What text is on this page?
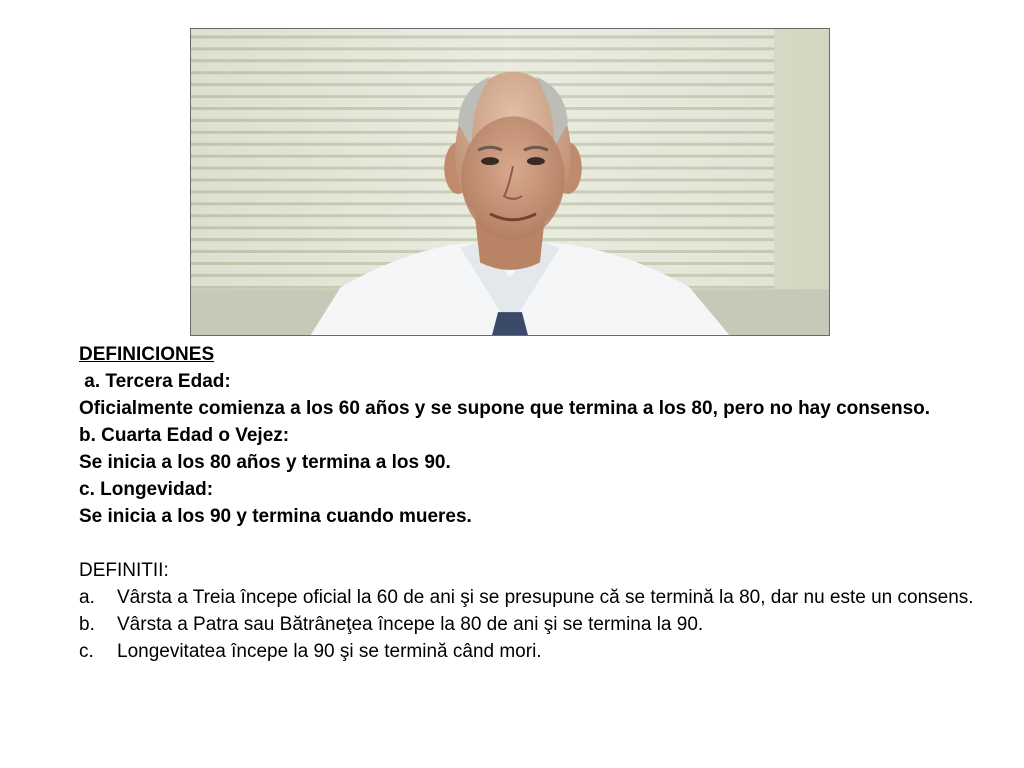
DEFINICIONES
a. Tercera Edad:
Oficialmente comienza a los 60 años y se supone que termina a los 80, pero no hay consenso.
b. Cuarta Edad o Vejez:
Se inicia a los 80 años y termina a los 90.
c. Longevidad:
Se inicia a los 90 y termina cuando mueres.
DEFINITII:
a.	Vârsta a Treia începe oficial la 60 de ani şi se presupune că se termină la 80, dar nu este un consens.
b.	Vârsta a Patra sau Bătrâneţea începe la 80 de ani şi se termina la 90.
c.	Longevitatea începe la 90 şi se termină când mori.
